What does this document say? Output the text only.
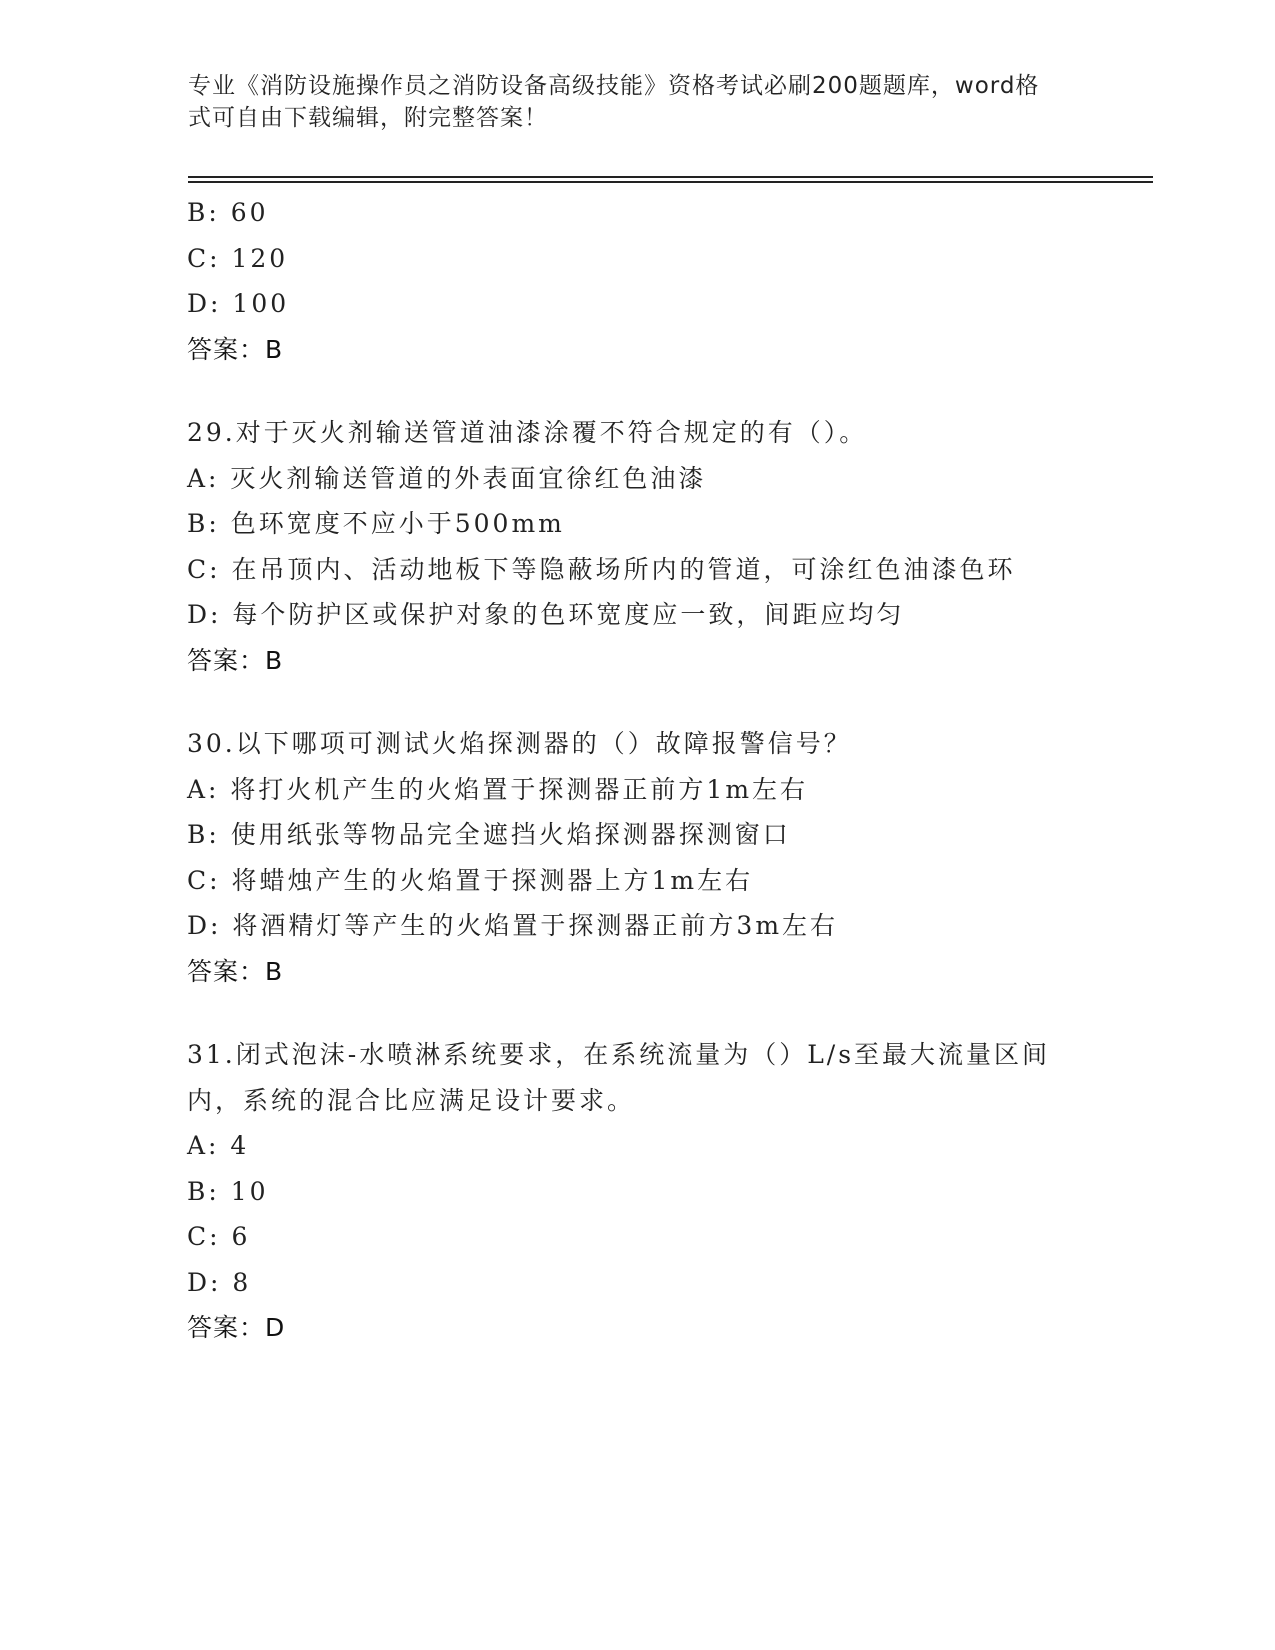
专业《消防设施操作员之消防设备高级技能》资格考试必刷200题题库，word格
式可自由下载编辑，附完整答案！
B: 60
C: 120
D: 100
答案：B
29.对于灭火剂输送管道油漆涂覆不符合规定的有（）。
A: 灭火剂输送管道的外表面宜徐红色油漆
B: 色环宽度不应小于500mm
C: 在吊顶内、活动地板下等隐蔽场所内的管道，可涂红色油漆色环
D: 每个防护区或保护对象的色环宽度应一致，间距应均匀
答案：B
30.以下哪项可测试火焰探测器的（）故障报警信号？
A: 将打火机产生的火焰置于探测器正前方1m左右
B: 使用纸张等物品完全遮挡火焰探测器探测窗口
C: 将蜡烛产生的火焰置于探测器上方1m左右
D: 将酒精灯等产生的火焰置于探测器正前方3m左右
答案：B
31.闭式泡沫-水喷淋系统要求，在系统流量为（）L/s至最大流量区间
内，系统的混合比应满足设计要求。
A: 4
B: 10
C: 6
D: 8
答案：D
